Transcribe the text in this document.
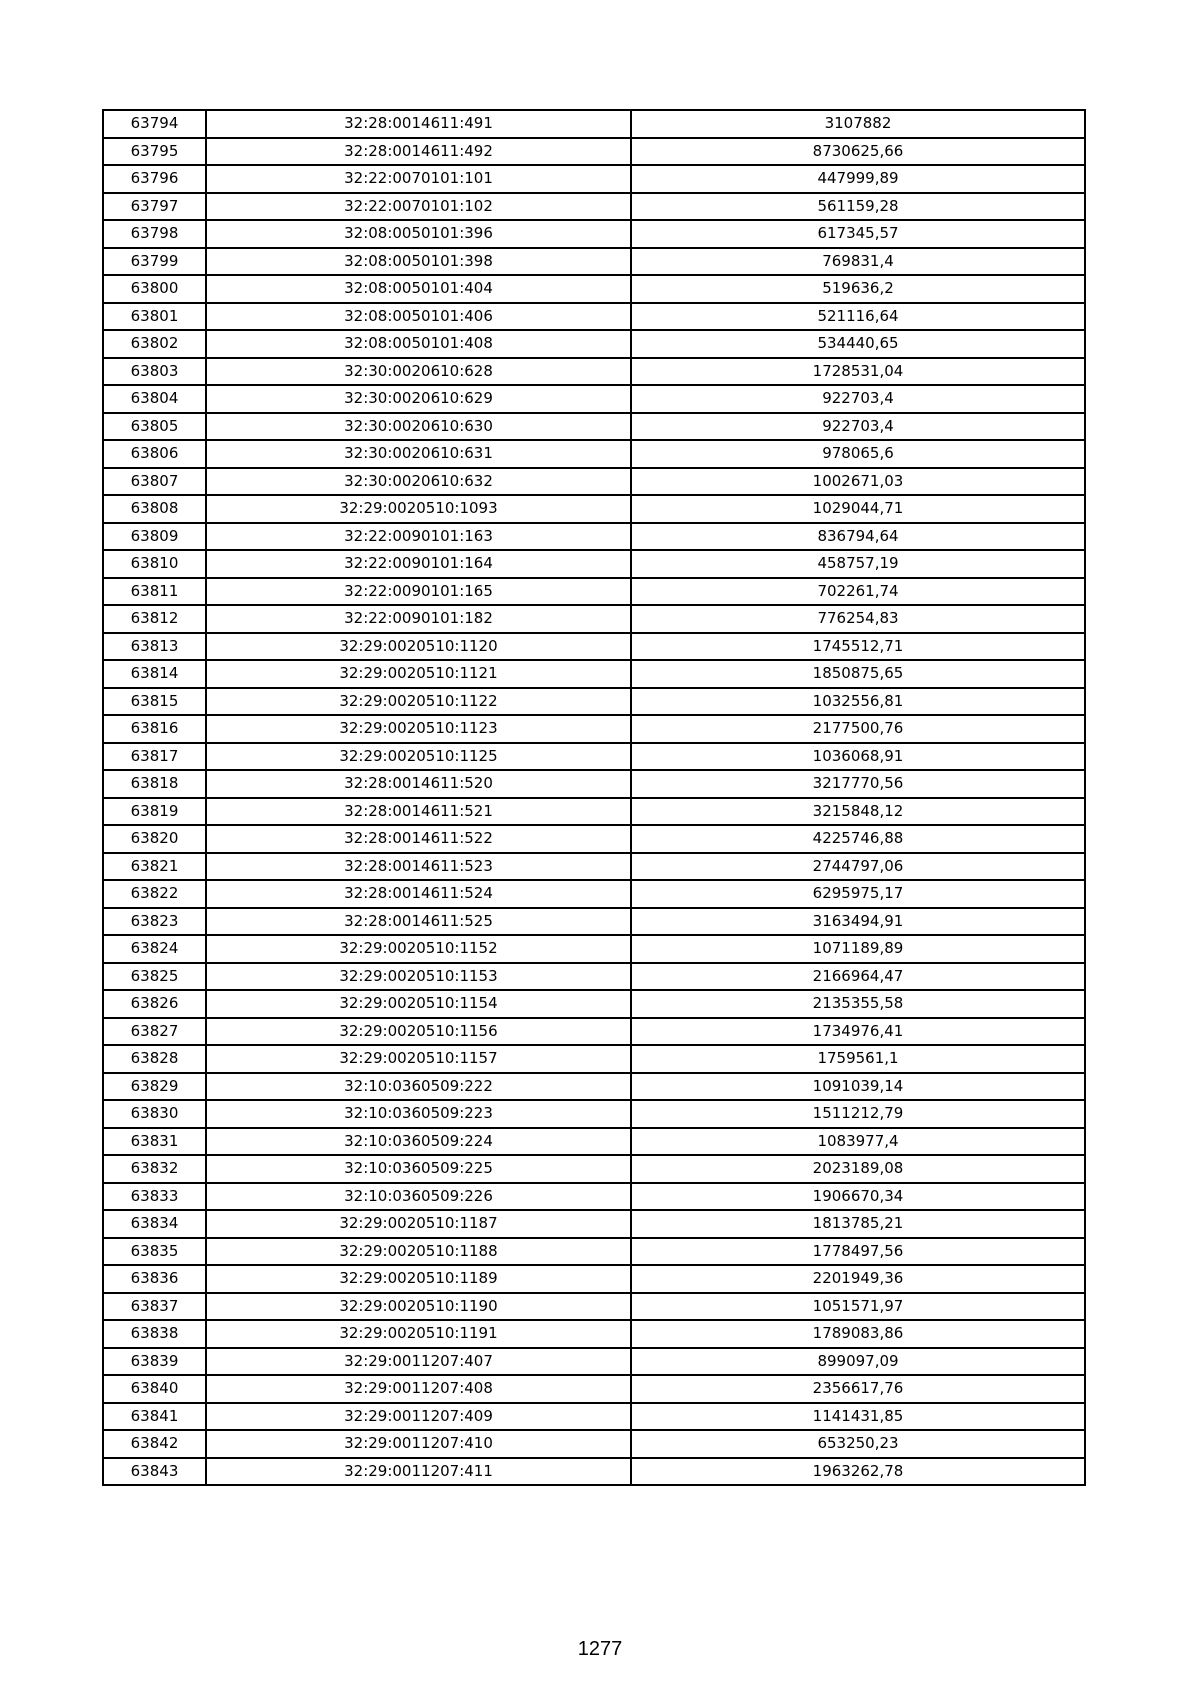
63794	32:28:0014611:491	3107882
63795	32:28:0014611:492	8730625,66
63796	32:22:0070101:101	447999,89
63797	32:22:0070101:102	561159,28
63798	32:08:0050101:396	617345,57
63799	32:08:0050101:398	769831,4
63800	32:08:0050101:404	519636,2
63801	32:08:0050101:406	521116,64
63802	32:08:0050101:408	534440,65
63803	32:30:0020610:628	1728531,04
63804	32:30:0020610:629	922703,4
63805	32:30:0020610:630	922703,4
63806	32:30:0020610:631	978065,6
63807	32:30:0020610:632	1002671,03
63808	32:29:0020510:1093	1029044,71
63809	32:22:0090101:163	836794,64
63810	32:22:0090101:164	458757,19
63811	32:22:0090101:165	702261,74
63812	32:22:0090101:182	776254,83
63813	32:29:0020510:1120	1745512,71
63814	32:29:0020510:1121	1850875,65
63815	32:29:0020510:1122	1032556,81
63816	32:29:0020510:1123	2177500,76
63817	32:29:0020510:1125	1036068,91
63818	32:28:0014611:520	3217770,56
63819	32:28:0014611:521	3215848,12
63820	32:28:0014611:522	4225746,88
63821	32:28:0014611:523	2744797,06
63822	32:28:0014611:524	6295975,17
63823	32:28:0014611:525	3163494,91
63824	32:29:0020510:1152	1071189,89
63825	32:29:0020510:1153	2166964,47
63826	32:29:0020510:1154	2135355,58
63827	32:29:0020510:1156	1734976,41
63828	32:29:0020510:1157	1759561,1
63829	32:10:0360509:222	1091039,14
63830	32:10:0360509:223	1511212,79
63831	32:10:0360509:224	1083977,4
63832	32:10:0360509:225	2023189,08
63833	32:10:0360509:226	1906670,34
63834	32:29:0020510:1187	1813785,21
63835	32:29:0020510:1188	1778497,56
63836	32:29:0020510:1189	2201949,36
63837	32:29:0020510:1190	1051571,97
63838	32:29:0020510:1191	1789083,86
63839	32:29:0011207:407	899097,09
63840	32:29:0011207:408	2356617,76
63841	32:29:0011207:409	1141431,85
63842	32:29:0011207:410	653250,23
63843	32:29:0011207:411	1963262,78
1277
